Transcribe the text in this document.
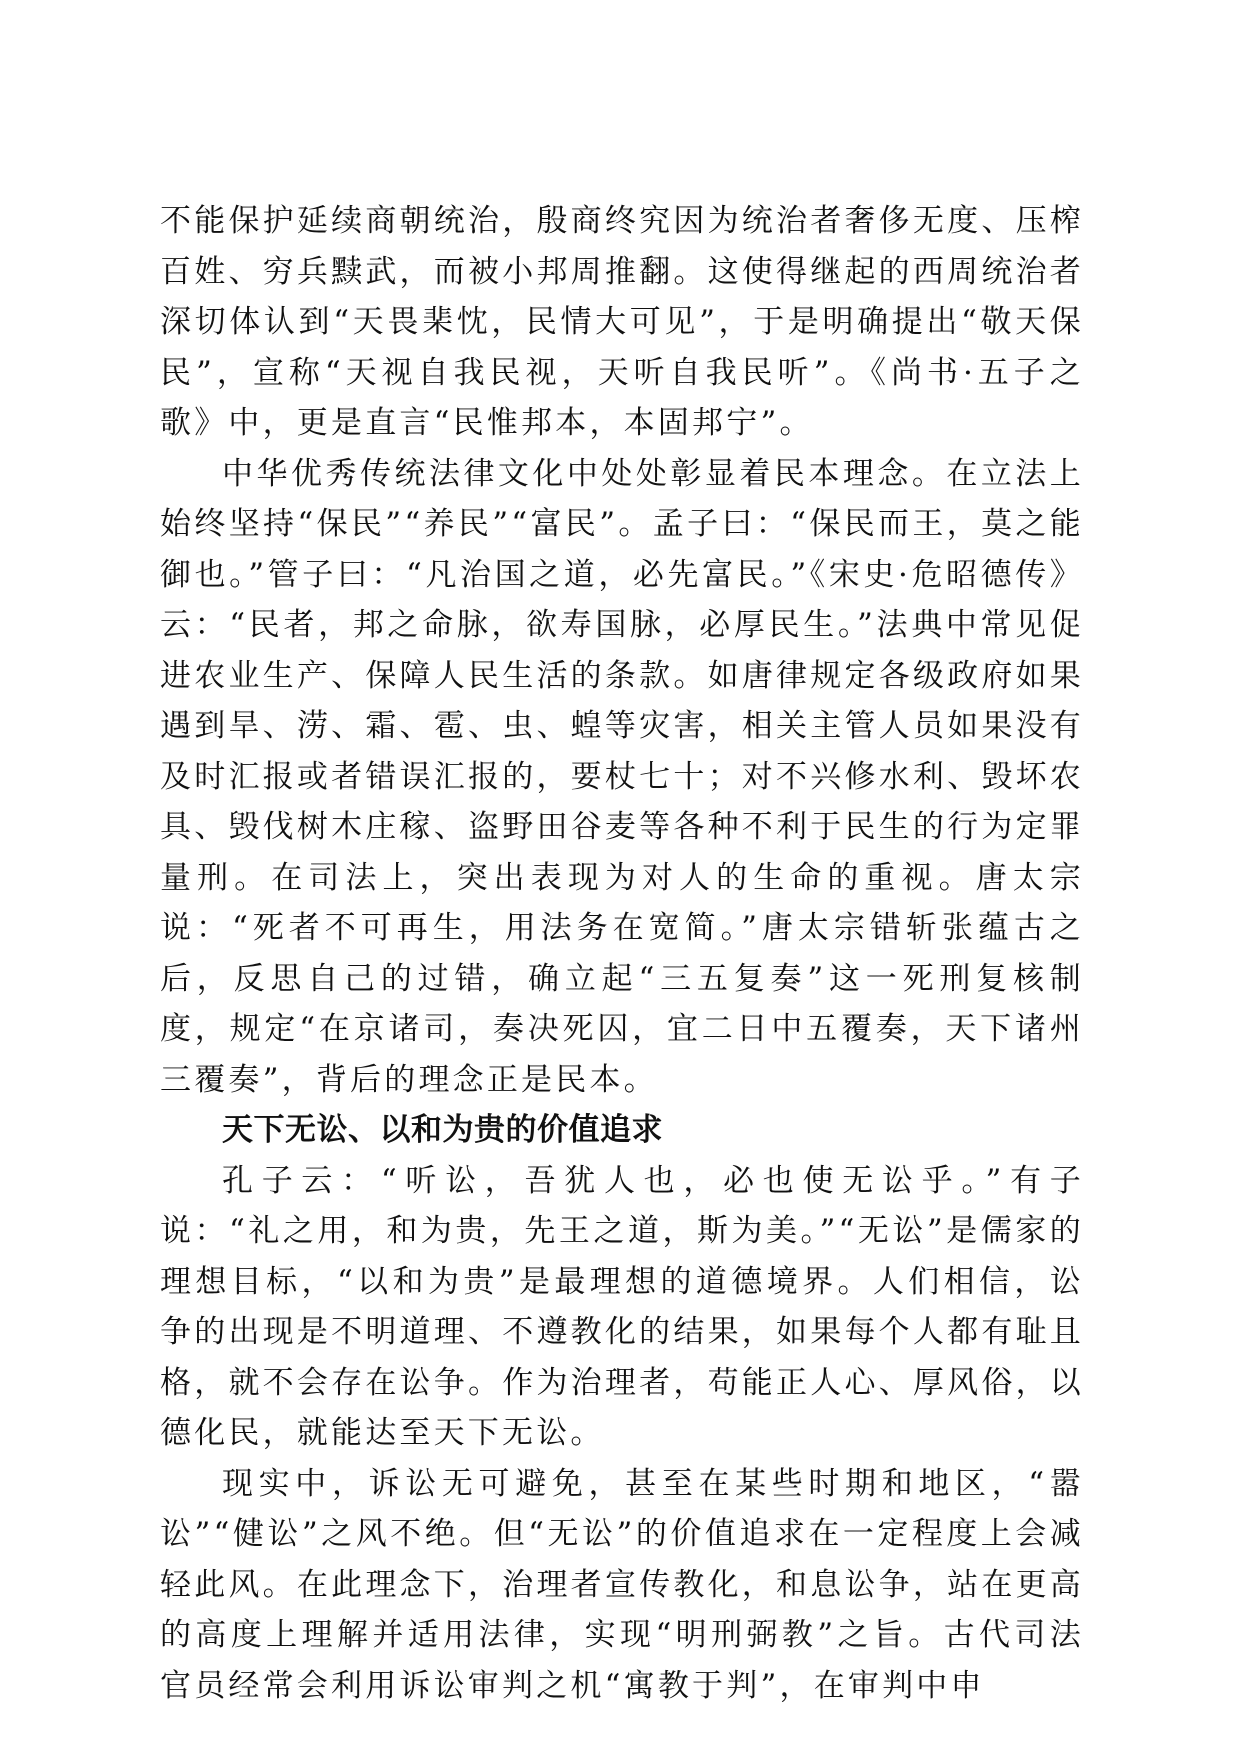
不能保护延续商朝统治，殷商终究因为统治者奢侈无度、压榨百姓、穷兵黩武，而被小邦周推翻。这使得继起的西周统治者深切体认到“天畏棐忱，民情大可见”，于是明确提出“敬天保民”，宣称“天视自我民视，天听自我民听”。《尚书·五子之歌》中，更是直言“民惟邦本，本固邦宁”。

中华优秀传统法律文化中处处彰显着民本理念。在立法上始终坚持“保民”“养民”“富民”。孟子曰：“保民而王，莫之能御也。”管子曰：“凡治国之道，必先富民。”《宋史·危昭德传》云：“民者，邦之命脉，欲寿国脉，必厚民生。”法典中常见促进农业生产、保障人民生活的条款。如唐律规定各级政府如果遇到旱、涝、霜、雹、虫、蝗等灾害，相关主管人员如果没有及时汇报或者错误汇报的，要杖七十；对不兴修水利、毁坏农具、毁伐树木庄稼、盗野田谷麦等各种不利于民生的行为定罪量刑。在司法上，突出表现为对人的生命的重视。唐太宗说：“死者不可再生，用法务在宽简。”唐太宗错斩张蕴古之后，反思自己的过错，确立起“三五复奏”这一死刑复核制度，规定“在京诸司，奏决死囚，宜二日中五覆奏，天下诸州三覆奏”，背后的理念正是民本。

天下无讼、以和为贵的价值追求

孔子云：“听讼，吾犹人也，必也使无讼乎。”有子说：“礼之用，和为贵，先王之道，斯为美。”“无讼”是儒家的理想目标，“以和为贵”是最理想的道德境界。人们相信，讼争的出现是不明道理、不遵教化的结果，如果每个人都有耻且格，就不会存在讼争。作为治理者，苟能正人心、厚风俗，以德化民，就能达至天下无讼。

现实中，诉讼无可避免，甚至在某些时期和地区，“嚣讼”“健讼”之风不绝。但“无讼”的价值追求在一定程度上会减轻此风。在此理念下，治理者宣传教化，和息讼争，站在更高的高度上理解并适用法律，实现“明刑弼教”之旨。古代司法官员经常会利用诉讼审判之机“寓教于判”，在审判中申
